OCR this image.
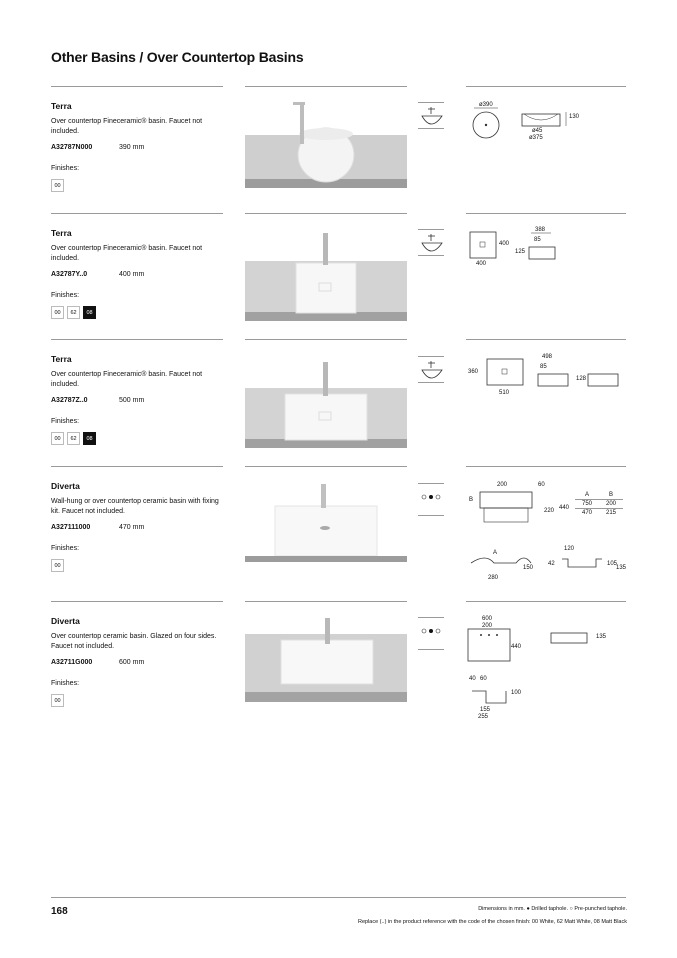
Other Basins / Over Countertop Basins
Terra
Over countertop Fineceramic® basin. Faucet not included.
A32787N000	390 mm
Finishes:
00
ø390
130
ø45
ø375
Terra
Over countertop Fineceramic® basin. Faucet not included.
A32787Y..0	400 mm
Finishes:
00	62	08
388
85
400
125
400
Terra
Over countertop Fineceramic® basin. Faucet not included.
A32787Z..0	500 mm
Finishes:
00	62	08
498
85
360
128
510
Diverta
Wall-hung or over countertop ceramic basin with fixing kit. Faucet not included.
A327111000	470 mm
Finishes:
00
200	60
B
220 440
A
150
280
120
42	105
135
A	B
750 200
470 215
Diverta
Over countertop ceramic basin. Glazed on four sides. Faucet not included.
A32711G000	600 mm
Finishes:
00
600
200
440
135
40 60
100
155
255
168	Dimensions in mm. ● Drilled taphole. ○ Pre-punched taphole.
Replace (..) in the product reference with the code of the chosen finish: 00 White, 62 Matt White, 08 Matt Black
